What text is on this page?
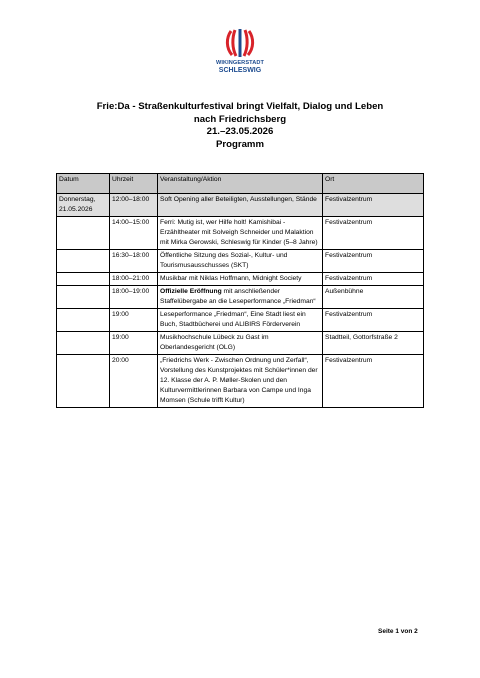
WIKINGERSTADT
SCHLESWIG
Frie:Da - Straßenkulturfestival bringt Vielfalt, Dialog und Leben
nach Friedrichsberg
21.–23.05.2026
Programm
Datum	Uhrzeit	Veranstaltung/Aktion	Ort
Donnerstag,
21.05.2026	12:00–18:00	Soft Opening aller Beteiligten, Ausstellungen, Stände	Festivalzentrum
	14:00–15:00	Ferri: Mutig ist, wer Hilfe holt! Kamishibai - Erzähltheater mit Solveigh Schneider und Malaktion mit Mirka Gerowski, Schleswig für Kinder (5–8 Jahre)	Festivalzentrum
	16:30–18:00	Öffentliche Sitzung des Sozial-, Kultur- und Tourismusausschusses (SKT)	Festivalzentrum
	18:00–21:00	Musikbar mit Niklas Hoffmann, Midnight Society	Festivalzentrum
	18:00–19:00	Offizielle Eröffnung mit anschließender Staffelübergabe an die Leseperformance „Friedman“	Außenbühne
	19:00	Leseperformance „Friedman“, Eine Stadt liest ein Buch, Stadtbücherei und ALIBIRS Förderverein	Festivalzentrum
	19:00	Musikhochschule Lübeck zu Gast im Oberlandesgericht (OLG)	Stadtteil, Gottorfstraße 2
	20:00	„Friedrichs Werk - Zwischen Ordnung und Zerfall“, Vorstellung des Kunstprojektes mit Schüler*innen der 12. Klasse der A. P. Møller-Skolen und den Kulturvermittlerinnen Barbara von Campe und Inga Momsen (Schule trifft Kultur)	Festivalzentrum
Seite 1 von 2
